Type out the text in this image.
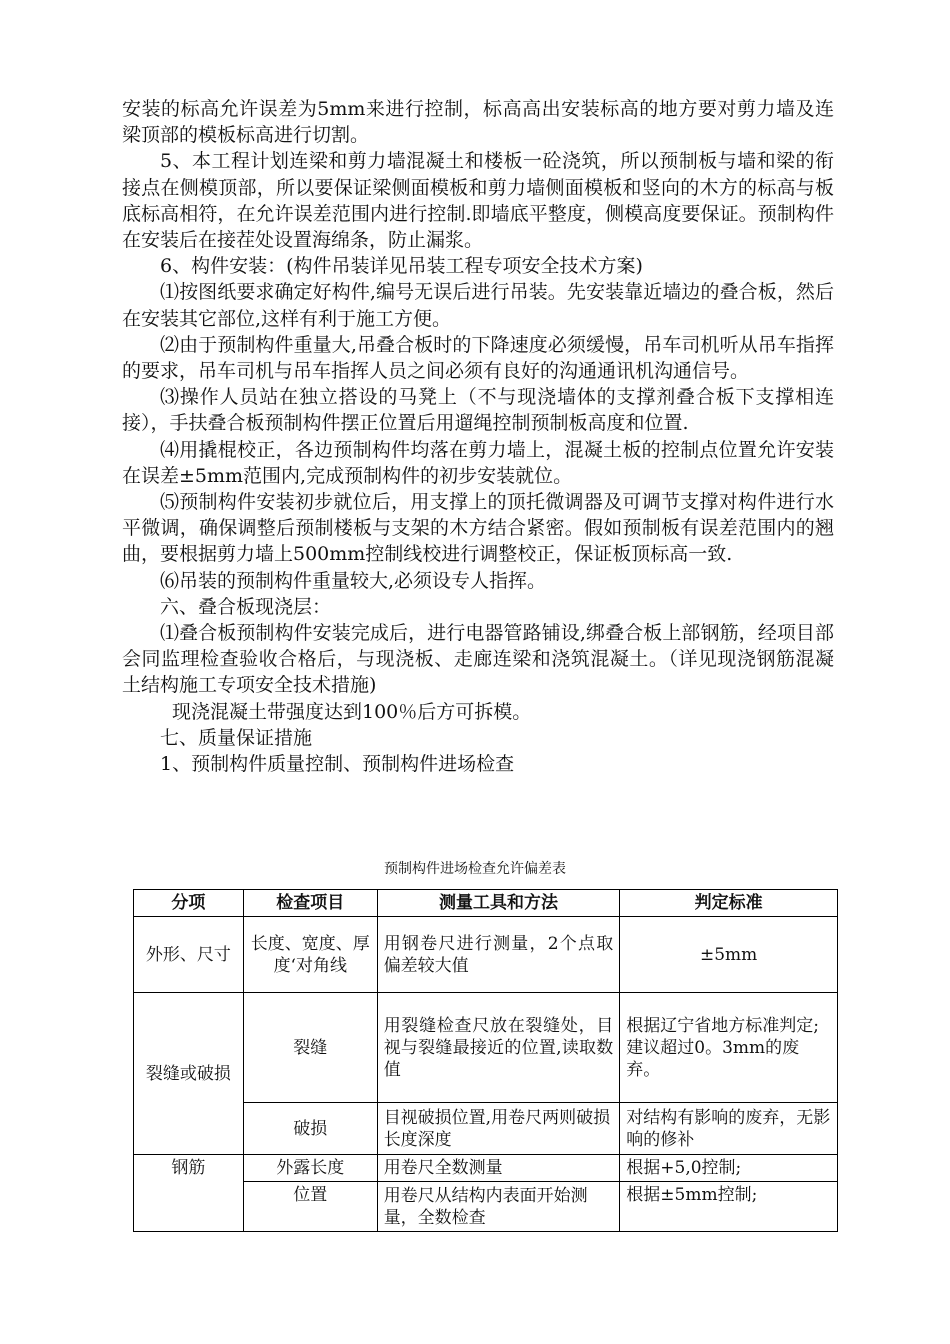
安装的标高允许误差为5mm来进行控制，标高高出安装标高的地方要对剪力墙及连梁顶部的模板标高进行切割。

5、本工程计划连梁和剪力墙混凝土和楼板一砼浇筑，所以预制板与墙和梁的衔接点在侧模顶部，所以要保证梁侧面模板和剪力墙侧面模板和竖向的木方的标高与板底标高相符，在允许误差范围内进行控制.即墙底平整度，侧模高度要保证。预制构件在安装后在接茬处设置海绵条，防止漏浆。

6、构件安装：(构件吊装详见吊装工程专项安全技术方案)

⑴按图纸要求确定好构件,编号无误后进行吊装。先安装靠近墙边的叠合板，然后在安装其它部位,这样有利于施工方便。

⑵由于预制构件重量大,吊叠合板时的下降速度必须缓慢，吊车司机听从吊车指挥的要求，吊车司机与吊车指挥人员之间必须有良好的沟通通讯机沟通信号。

⑶操作人员站在独立搭设的马凳上（不与现浇墙体的支撑剂叠合板下支撑相连接），手扶叠合板预制构件摆正位置后用遛绳控制预制板高度和位置.

⑷用撬棍校正，各边预制构件均落在剪力墙上，混凝土板的控制点位置允许安装在误差±5mm范围内,完成预制构件的初步安装就位。

⑸预制构件安装初步就位后，用支撑上的顶托微调器及可调节支撑对构件进行水平微调，确保调整后预制楼板与支架的木方结合紧密。假如预制板有误差范围内的翘曲，要根据剪力墙上500mm控制线校进行调整校正，保证板顶标高一致.

⑹吊装的预制构件重量较大,必须设专人指挥。

六、叠合板现浇层：

⑴叠合板预制构件安装完成后，进行电器管路铺设,绑叠合板上部钢筋，经项目部会同监理检查验收合格后，与现浇板、走廊连梁和浇筑混凝土。（详见现浇钢筋混凝土结构施工专项安全技术措施)

现浇混凝土带强度达到100％后方可拆模。

七、质量保证措施

1、预制构件质量控制、预制构件进场检查

预制构件进场检查允许偏差表
分项	检查项目	测量工具和方法	判定标准
外形、尺寸	长度、宽度、厚度‘对角线	用钢卷尺进行测量，2个点取偏差较大值	±5mm
裂缝或破损	裂缝	用裂缝检查尺放在裂缝处，目视与裂缝最接近的位置,读取数值	根据辽宁省地方标准判定;
建议超过0。3mm的废弃。

	破损	目视破损位置,用卷尺两则破损长度深度	对结构有影响的废弃，无影响的修补
钢筋	外露长度	用卷尺全数测量	根据+5,0控制;
	位置	用卷尺从结构内表面开始测量，全数检查	根据±5mm控制;
